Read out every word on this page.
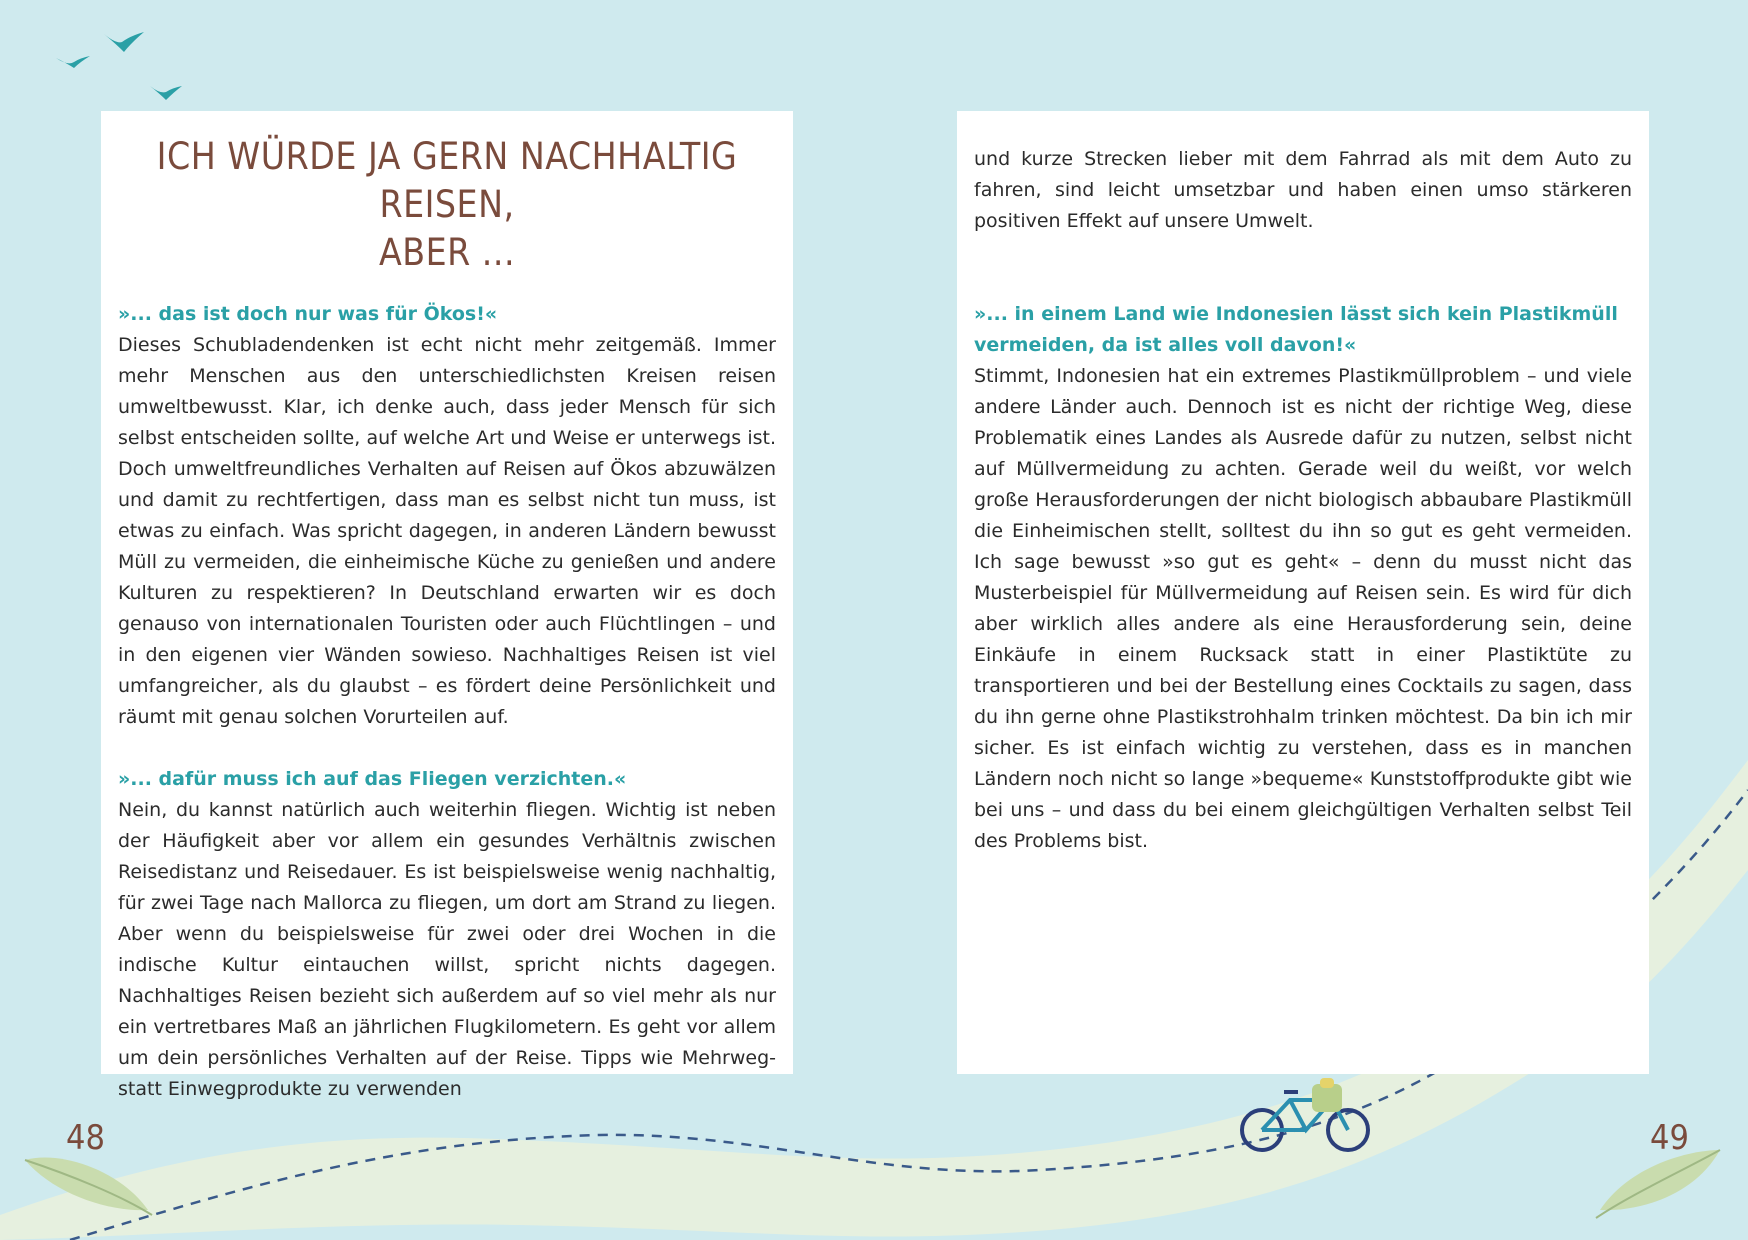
ICH WÜRDE JA GERN NACHHALTIG REISEN,
ABER ...

»... das ist doch nur was für Ökos!«

Dieses Schubladendenken ist echt nicht mehr zeitgemäß. Immer mehr Menschen aus den unterschiedlichsten Kreisen reisen umweltbewusst. Klar, ich denke auch, dass jeder Mensch für sich selbst entscheiden sollte, auf welche Art und Weise er unterwegs ist. Doch umweltfreundliches Verhalten auf Reisen auf Ökos abzuwälzen und damit zu rechtfertigen, dass man es selbst nicht tun muss, ist etwas zu einfach. Was spricht dagegen, in anderen Ländern bewusst Müll zu vermeiden, die einheimische Küche zu genießen und andere Kulturen zu respektieren? In Deutschland erwarten wir es doch genauso von internationalen Touristen oder auch Flüchtlingen – und in den eigenen vier Wänden sowieso. Nachhaltiges Reisen ist viel umfangreicher, als du glaubst – es fördert deine Persönlichkeit und räumt mit genau solchen Vorurteilen auf.

»... dafür muss ich auf das Fliegen verzichten.«

Nein, du kannst natürlich auch weiterhin fliegen. Wichtig ist neben der Häufigkeit aber vor allem ein gesundes Verhältnis zwischen Reisedistanz und Reisedauer. Es ist beispielsweise wenig nachhaltig, für zwei Tage nach Mallorca zu fliegen, um dort am Strand zu liegen. Aber wenn du beispielsweise für zwei oder drei Wochen in die indische Kultur eintauchen willst, spricht nichts dagegen. Nachhaltiges Reisen bezieht sich außerdem auf so viel mehr als nur ein vertretbares Maß an jährlichen Flugkilometern. Es geht vor allem um dein persönliches Verhalten auf der Reise. Tipps wie Mehrweg- statt Einwegprodukte zu verwenden

und kurze Strecken lieber mit dem Fahrrad als mit dem Auto zu fahren, sind leicht umsetzbar und haben einen umso stärkeren positiven Effekt auf unsere Umwelt.

»... in einem Land wie Indonesien lässt sich kein Plastikmüll vermeiden, da ist alles voll davon!«

Stimmt, Indonesien hat ein extremes Plastikmüllproblem – und viele andere Länder auch. Dennoch ist es nicht der richtige Weg, diese Problematik eines Landes als Ausrede dafür zu nutzen, selbst nicht auf Müllvermeidung zu achten. Gerade weil du weißt, vor welch große Herausforderungen der nicht biologisch abbaubare Plastikmüll die Einheimischen stellt, solltest du ihn so gut es geht vermeiden. Ich sage bewusst »so gut es geht« – denn du musst nicht das Musterbeispiel für Müllvermeidung auf Reisen sein. Es wird für dich aber wirklich alles andere als eine Herausforderung sein, deine Einkäufe in einem Rucksack statt in einer Plastiktüte zu transportieren und bei der Bestellung eines Cocktails zu sagen, dass du ihn gerne ohne Plastikstrohhalm trinken möchtest. Da bin ich mir sicher. Es ist einfach wichtig zu verstehen, dass es in manchen Ländern noch nicht so lange »bequeme« Kunststoffprodukte gibt wie bei uns – und dass du bei einem gleichgültigen Verhalten selbst Teil des Problems bist.

48	49
